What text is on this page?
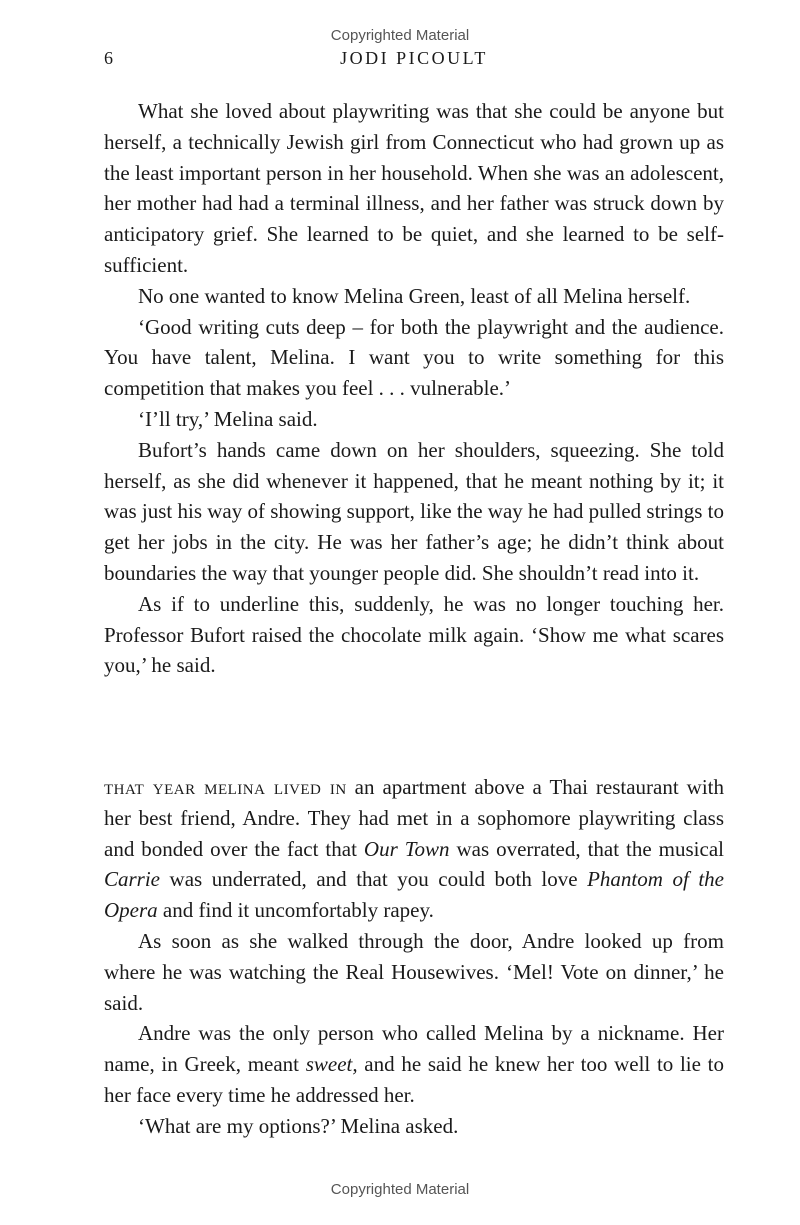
Copyrighted Material
6	JODI PICOULT

What she loved about playwriting was that she could be anyone but herself, a technically Jewish girl from Connecticut who had grown up as the least important person in her household. When she was an adolescent, her mother had had a terminal illness, and her father was struck down by anticipatory grief. She learned to be quiet, and she learned to be self-sufficient.

No one wanted to know Melina Green, least of all Melina herself.

‘Good writing cuts deep – for both the playwright and the audience. You have talent, Melina. I want you to write something for this competition that makes you feel . . . vulnerable.’

‘I’ll try,’ Melina said.

Bufort’s hands came down on her shoulders, squeezing. She told herself, as she did whenever it happened, that he meant nothing by it; it was just his way of showing support, like the way he had pulled strings to get her jobs in the city. He was her father’s age; he didn’t think about boundaries the way that younger people did. She shouldn’t read into it.

As if to underline this, suddenly, he was no longer touching her. Professor Bufort raised the chocolate milk again. ‘Show me what scares you,’ he said.

that year melina lived in an apartment above a Thai restaurant with her best friend, Andre. They had met in a sophomore playwriting class and bonded over the fact that Our Town was overrated, that the musical Carrie was underrated, and that you could both love Phantom of the Opera and find it uncomfortably rapey.

As soon as she walked through the door, Andre looked up from where he was watching the Real Housewives. ‘Mel! Vote on dinner,’ he said.

Andre was the only person who called Melina by a nickname. Her name, in Greek, meant sweet, and he said he knew her too well to lie to her face every time he addressed her.

‘What are my options?’ Melina asked.

Copyrighted Material
